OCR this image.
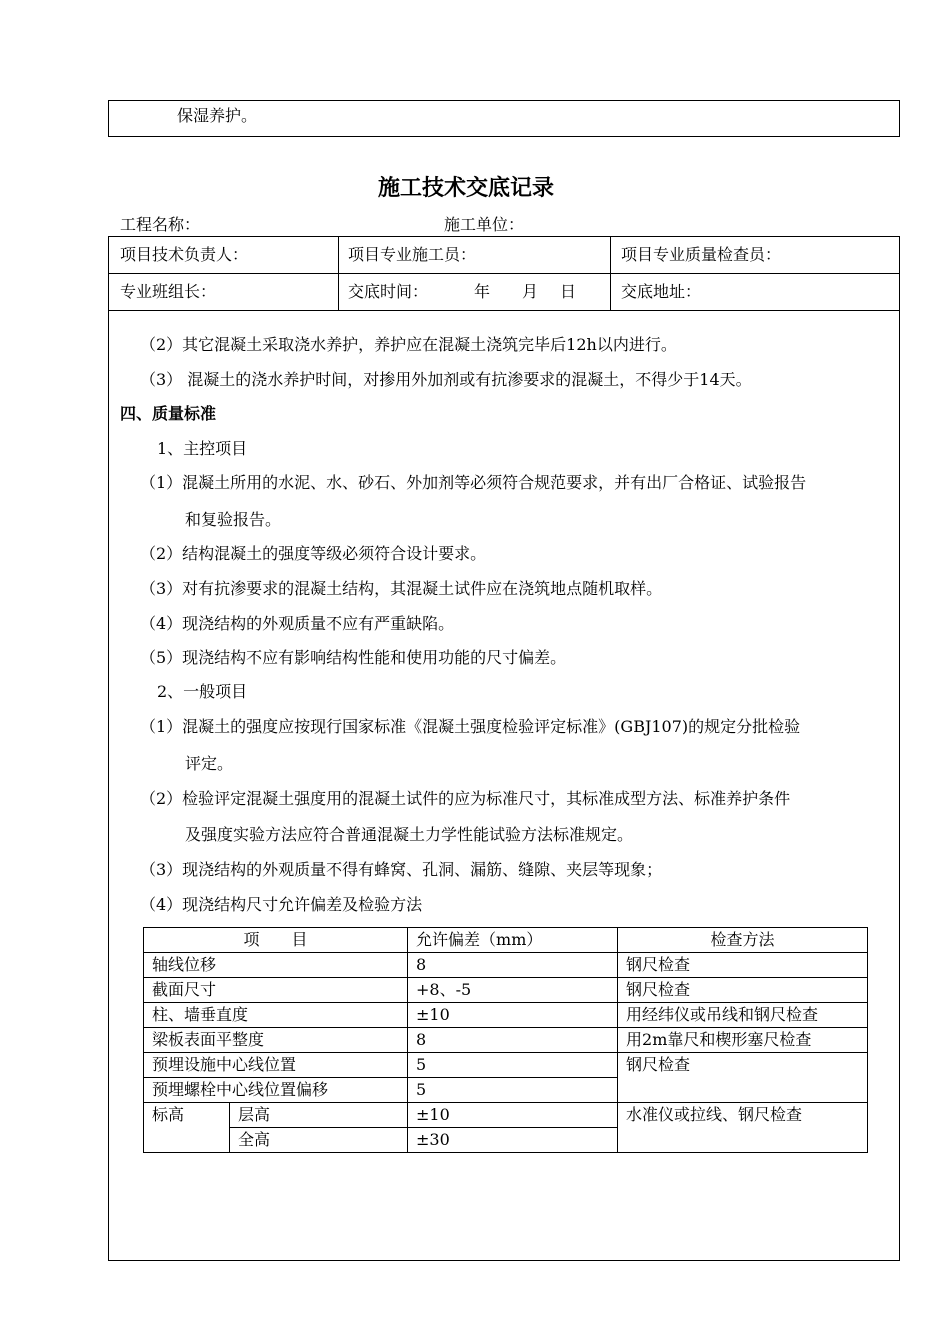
保湿养护。
施工技术交底记录
工程名称：	施工单位：
项目技术负责人：	项目专业施工员：	项目专业质量检查员：
专业班组长：	交底时间：	年 月 日	交底地址：
（2）其它混凝土采取浇水养护，养护应在混凝土浇筑完毕后12h以内进行。
（3） 混凝土的浇水养护时间，对掺用外加剂或有抗渗要求的混凝土，不得少于14天。
四、质量标准
1、主控项目
（1）混凝土所用的水泥、水、砂石、外加剂等必须符合规范要求，并有出厂合格证、试验报告
和复验报告。
（2）结构混凝土的强度等级必须符合设计要求。
（3）对有抗渗要求的混凝土结构，其混凝土试件应在浇筑地点随机取样。
（4）现浇结构的外观质量不应有严重缺陷。
（5）现浇结构不应有影响结构性能和使用功能的尺寸偏差。
2、一般项目
（1）混凝土的强度应按现行国家标准《混凝土强度检验评定标准》(GBJ107)的规定分批检验
评定。
（2）检验评定混凝土强度用的混凝土试件的应为标准尺寸，其标准成型方法、标准养护条件
及强度实验方法应符合普通混凝土力学性能试验方法标准规定。
（3）现浇结构的外观质量不得有蜂窝、孔洞、漏筋、缝隙、夹层等现象；
（4）现浇结构尺寸允许偏差及检验方法
项　　目		允许偏差（mm）	检查方法
轴线位移		8	钢尺检查
截面尺寸		+8、-5	钢尺检查
柱、墙垂直度		±10	用经纬仪或吊线和钢尺检查
梁板表面平整度		8	用2m靠尺和楔形塞尺检查
预埋设施中心线位置		5	钢尺检查
预埋螺栓中心线位置偏移		5	
标高	层高	±10	水准仪或拉线、钢尺检查
	全高	±30	
